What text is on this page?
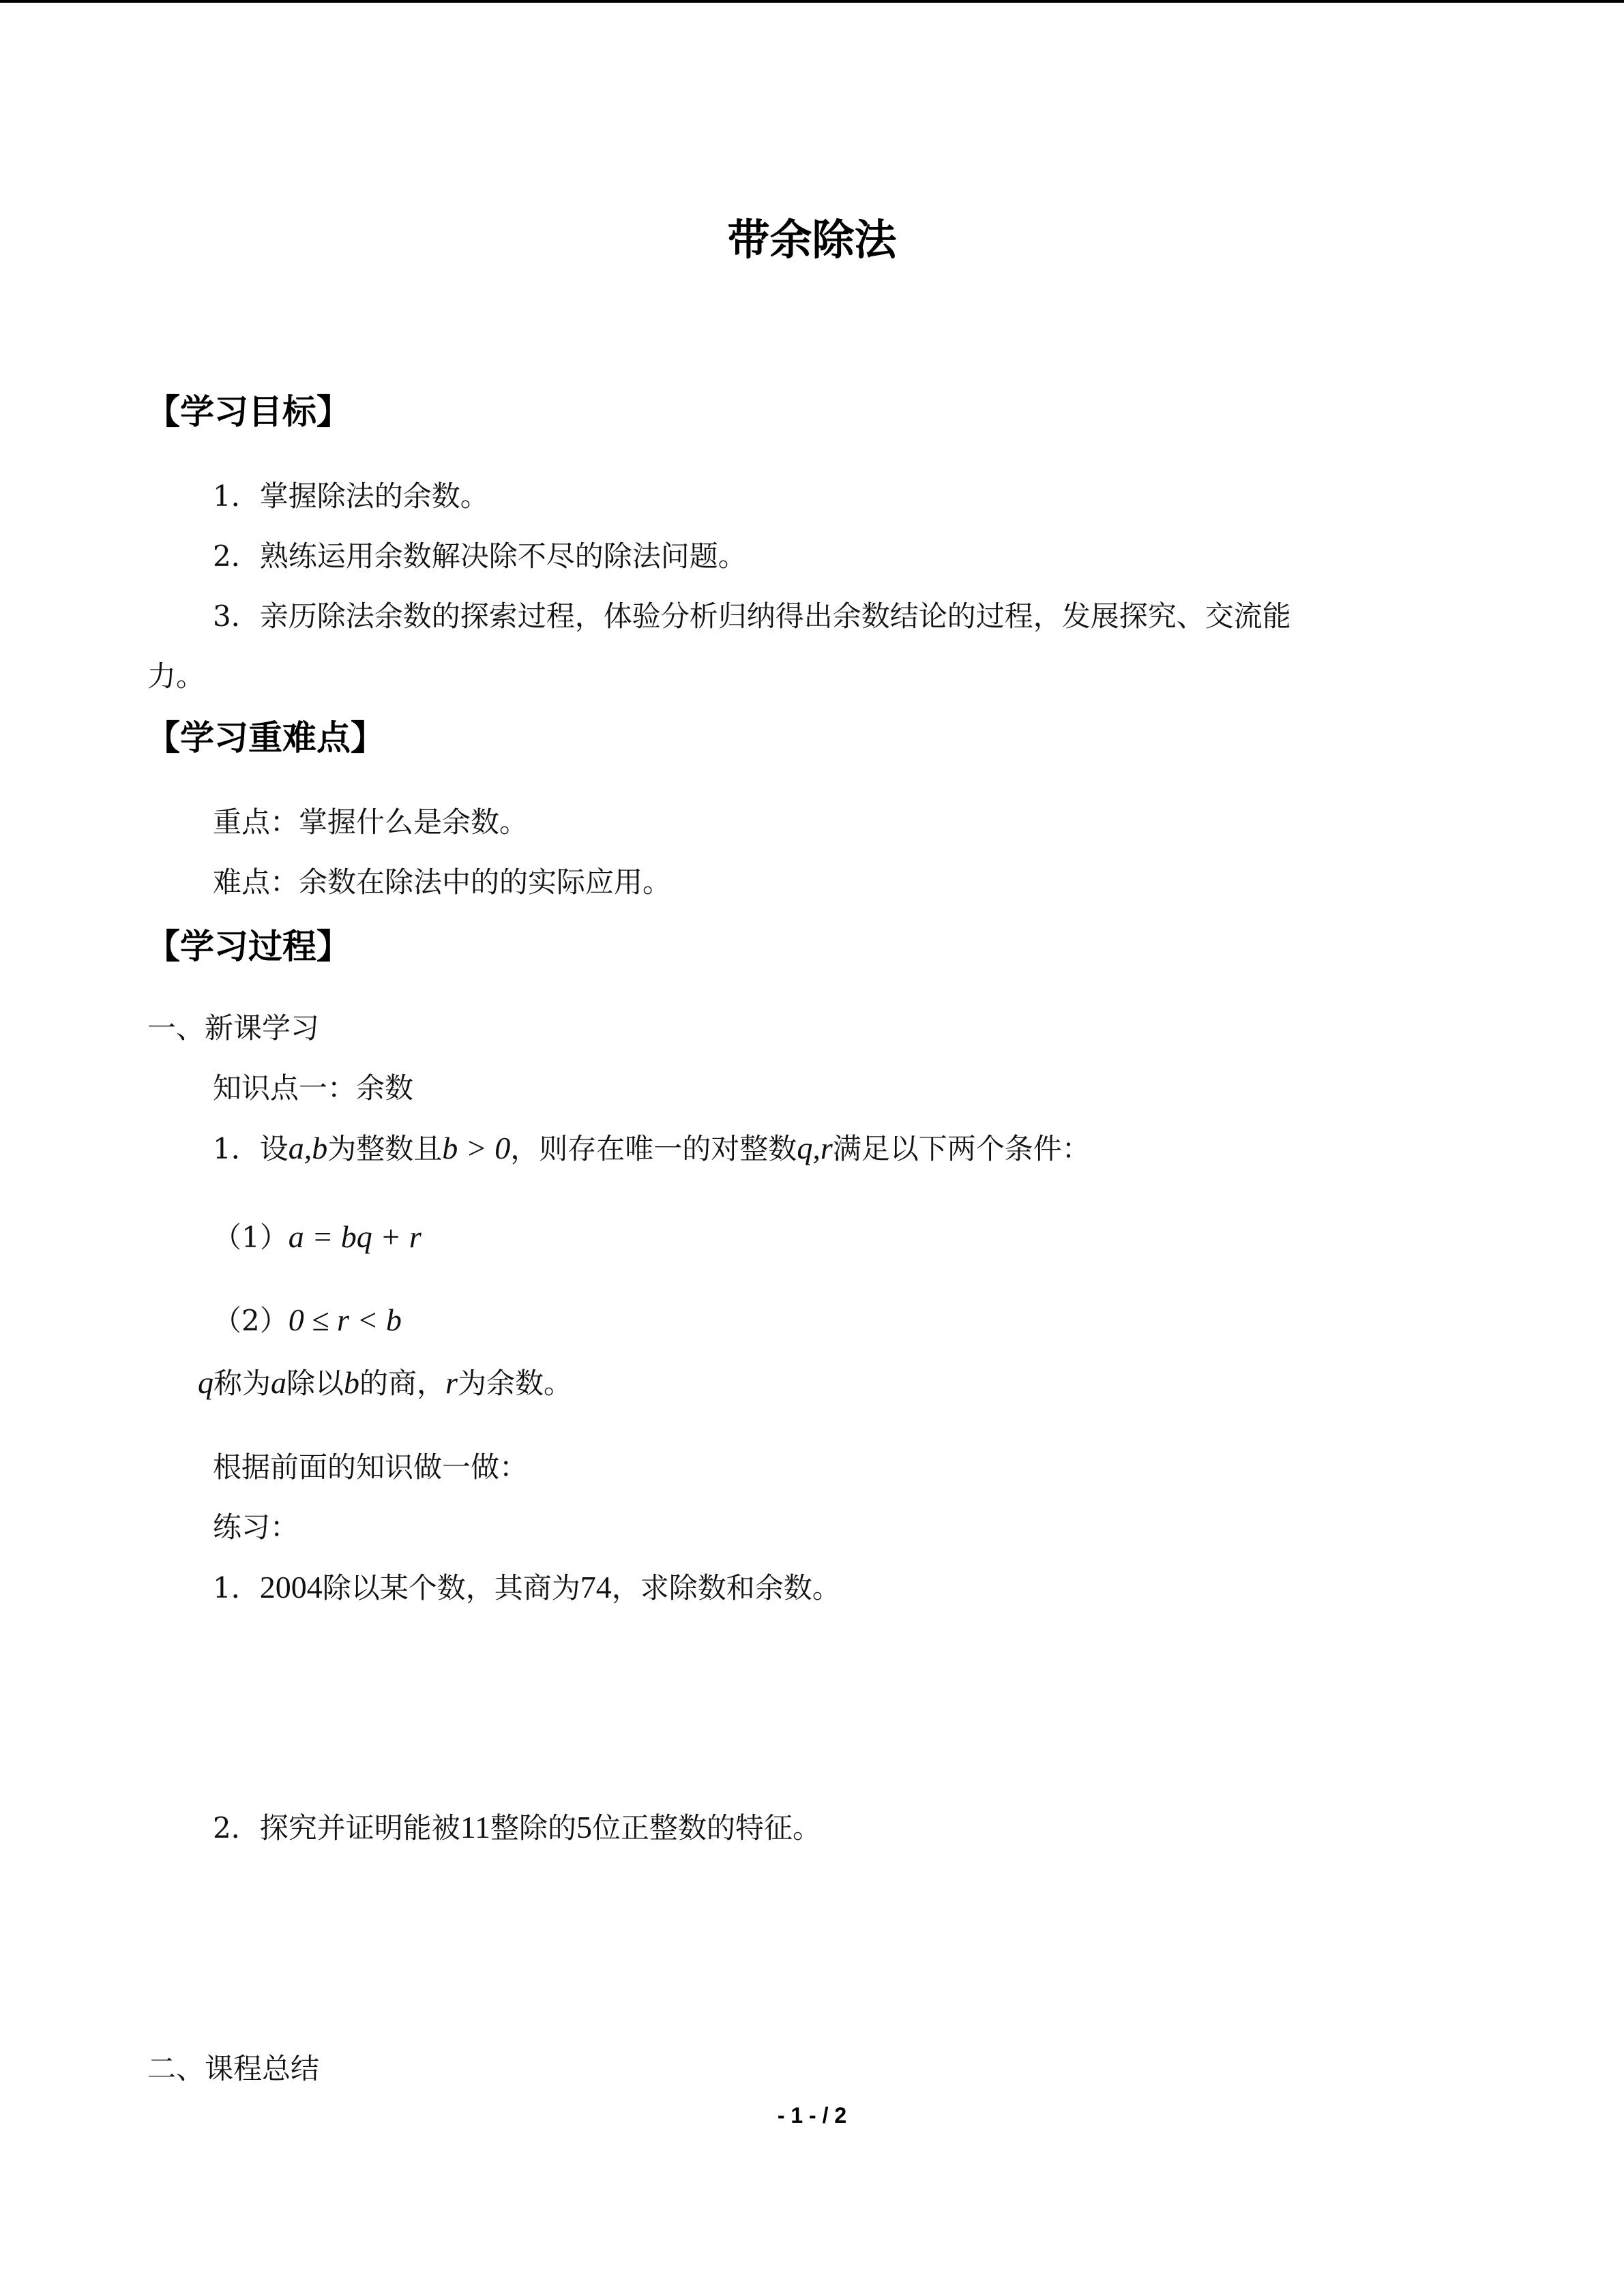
带余除法
【学习目标】
1．掌握除法的余数。
2．熟练运用余数解决除不尽的除法问题。
3．亲历除法余数的探索过程，体验分析归纳得出余数结论的过程，发展探究、交流能
力。
【学习重难点】
重点：掌握什么是余数。
难点：余数在除法中的的实际应用。
【学习过程】
一、新课学习
知识点一：余数
1．设a,b为整数且b > 0，则存在唯一的对整数q,r满足以下两个条件：
（1）a = bq + r
（2）0 ≤ r < b
q称为a除以b的商，r为余数。
根据前面的知识做一做：
练习：
1．2004除以某个数，其商为74，求除数和余数。
2．探究并证明能被11整除的5位正整数的特征。
二、课程总结
- 1 - / 2
